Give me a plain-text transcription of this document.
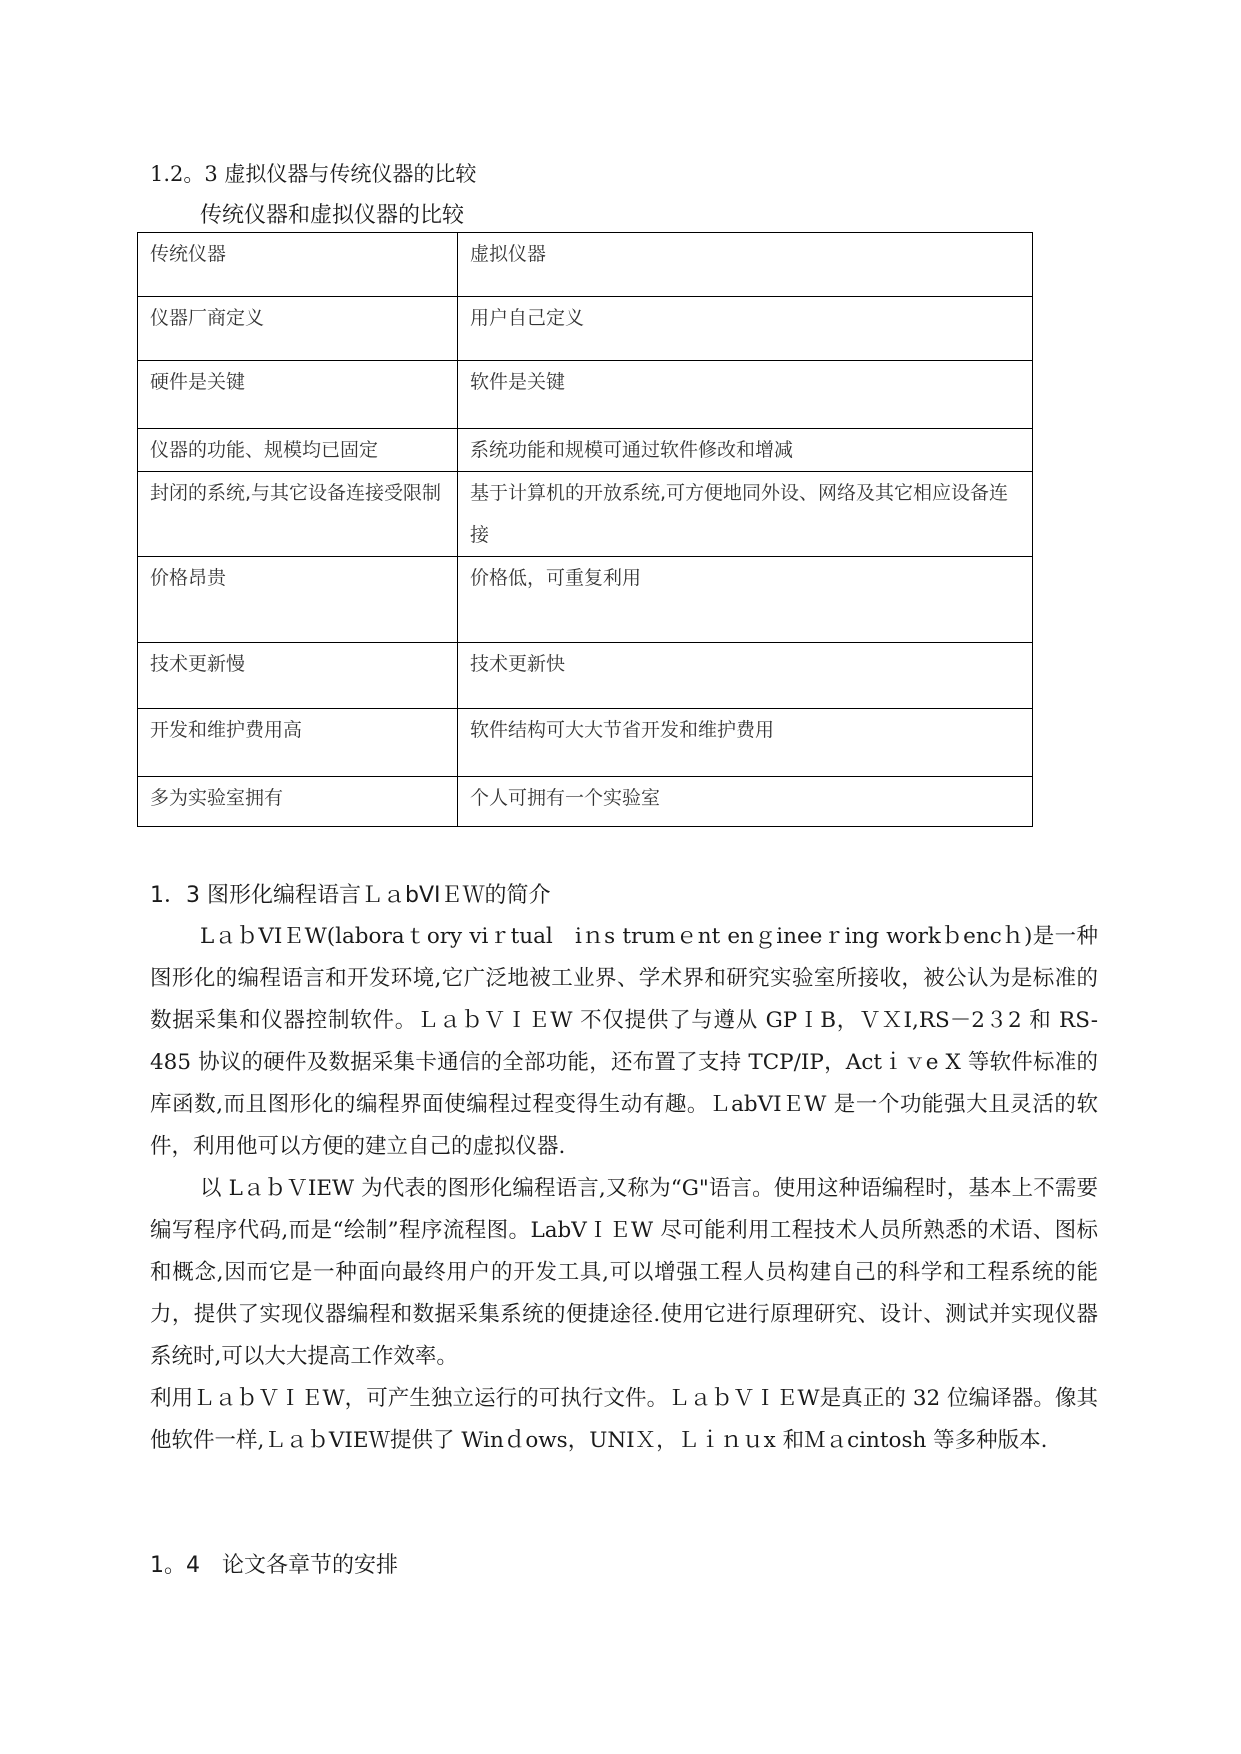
1.2。3 虚拟仪器与传统仪器的比较
传统仪器和虚拟仪器的比较
传统仪器	虚拟仪器
仪器厂商定义	用户自己定义
硬件是关键	软件是关键
仪器的功能、规模均已固定	系统功能和规模可通过软件修改和增减
封闭的系统,与其它设备连接受限制	基于计算机的开放系统,可方便地同外设、网络及其它相应设备连接
价格昂贵	价格低，可重复利用
技术更新慢	技术更新快
开发和维护费用高	软件结构可大大节省开发和维护费用
多为实验室拥有	个人可拥有一个实验室
1．3 图形化编程语言ＬａbVIＥＷ的简介

LａｂVIＥW(laboraｔory viｒtual　iｎs trumｅnt enｇineeｒing workｂencｈ)是一种图形化的编程语言和开发环境,它广泛地被工业界、学术界和研究实验室所接收，被公认为是标准的数据采集和仪器控制软件。ＬａｂＶＩＥW 不仅提供了与遵从 GPＩB，ＶＸI,RS－2３2 和 RS-485 协议的硬件及数据采集卡通信的全部功能，还布置了支持 TCP/IP，Actｉｖe X 等软件标准的库函数,而且图形化的编程界面使编程过程变得生动有趣。ＬabVIＥW 是一个功能强大且灵活的软件，利用他可以方便的建立自己的虚拟仪器.

以 LａｂＶIEW 为代表的图形化编程语言,又称为“G"语言。使用这种语编程时，基本上不需要编写程序代码,而是“绘制”程序流程图。LabVＩＥW 尽可能利用工程技术人员所熟悉的术语、图标和概念,因而它是一种面向最终用户的开发工具,可以增强工程人员构建自己的科学和工程系统的能力，提供了实现仪器编程和数据采集系统的便捷途径.使用它进行原理研究、设计、测试并实现仪器系统时,可以大大提高工作效率。

利用ＬａｂＶＩＥW，可产生独立运行的可执行文件。ＬａｂＶＩＥW是真正的 32 位编译器。像其他软件一样,ＬａｂVIEＷ提供了 Winｄows，UNIＸ，Ｌｉｎｕx 和Ｍａcintosh 等多种版本.

1。4　论文各章节的安排
